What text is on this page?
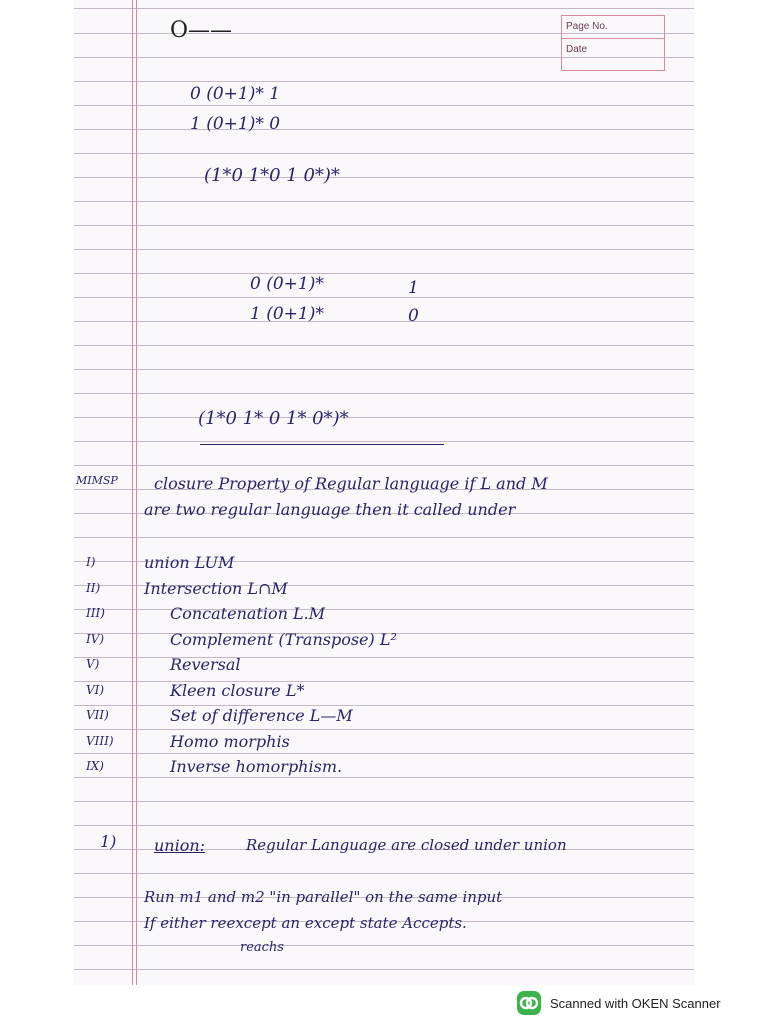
Page No.
Date
O——
0 (0+1)* 1
1 (0+1)* 0
(1*0 1*0 1 0*)*
0 (0+1)*	1
1 (0+1)*	0
(1*0 1* 0 1* 0*)*
MIMSP closure Property of Regular language if L and M
are two regular language then it called under
I)	union LUM
II)	Intersection L∩M
III)	Concatenation L.M
IV)	Complement (Transpose) L²
V)	Reversal
VI)	Kleen closure L*
VII)	Set of difference L—M
VIII)	Homo morphis
IX)	Inverse homorphism.
1) union:	Regular Language are closed under union
Run m1 and m2 "in parallel" on the same input
If either reexcept an except state Accepts.
reachs
Scanned with OKEN Scanner
